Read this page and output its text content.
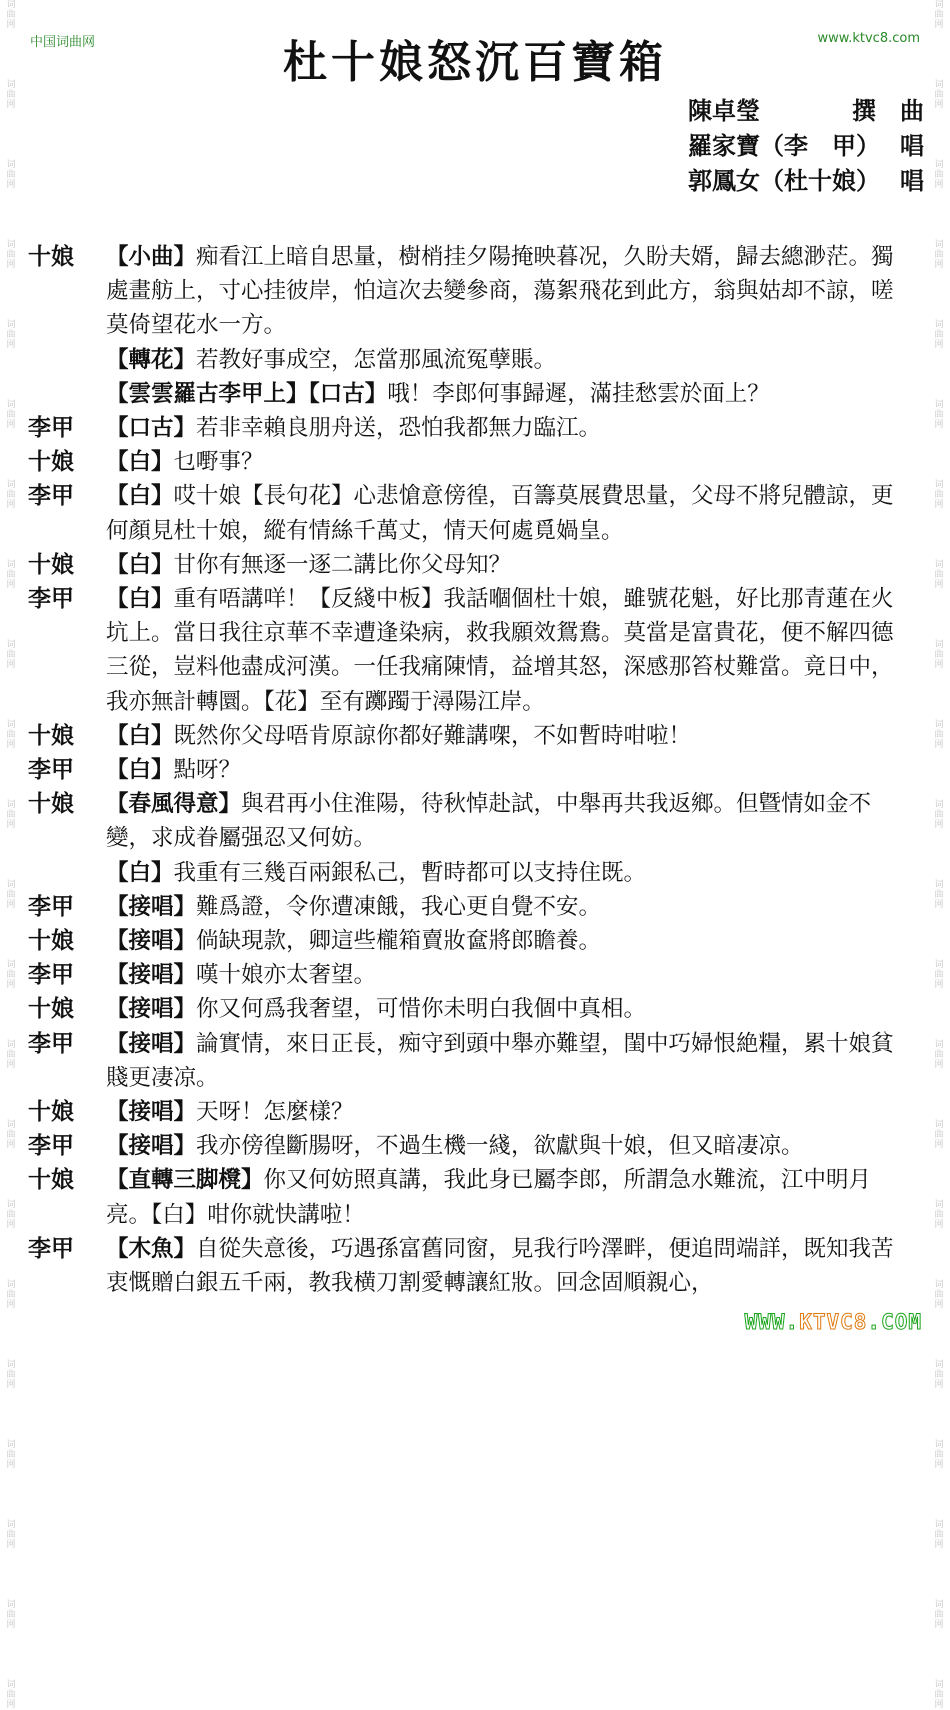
词
曲
网

词
曲
网

词
曲
网

词
曲
网

词
曲
网

词
曲
网

词
曲
网

词
曲
网

词
曲
网

词
曲
网

词
曲
网

词
曲
网

词
曲
网

词
曲
网

词
曲
网

词
曲
网

词
曲
网

词
曲
网

词
曲
网

词
曲
网

词
曲
网

词
曲
网
词
曲
网

词
曲
网

词
曲
网

词
曲
网

词
曲
网

词
曲
网

词
曲
网

词
曲
网

词
曲
网

词
曲
网

词
曲
网

词
曲
网

词
曲
网

词
曲
网

词
曲
网

词
曲
网

词
曲
网

词
曲
网

词
曲
网

词
曲
网

词
曲
网

词
曲
网
中国词曲网	www.ktvc8.com
杜十娘怒沉百寶箱
陳卓瑩	撰　曲
羅家寶（李　甲） 唱
郭鳳女（杜十娘） 唱
十娘	【小曲】痴看江上暗自思量，樹梢挂夕陽掩映暮况，久盼夫婿，歸去總渺茫。獨處畫舫上，寸心挂彼岸，怕這次去變參商，蕩絮飛花到此方，翁與姑却不諒，嗟莫倚望花水一方。
【轉花】若教好事成空，怎當那風流冤孽賬。
【雲雲羅古李甲上】【口古】哦！李郎何事歸遲，滿挂愁雲於面上？
李甲	【口古】若非幸賴良朋舟送，恐怕我都無力臨江。
十娘	【白】乜嘢事？
李甲	【白】哎十娘【長句花】心悲愴意傍徨，百籌莫展費思量，父母不將兒體諒，更何顏見杜十娘，縱有情絲千萬丈，情天何處覓媧皇。
十娘	【白】甘你有無逐一逐二講比你父母知？
李甲	【白】重有唔講咩！【反綫中板】我話嗰個杜十娘，雖號花魁，好比那青蓮在火坑上。當日我往京華不幸遭逢染病，救我願效鴛鴦。莫當是富貴花，便不解四德三從，豈料他盡成河漢。一任我痛陳情，益增其怒，深感那笞杖難當。竟日中，我亦無計轉圜。【花】至有躑躅于潯陽江岸。
十娘	【白】既然你父母唔肯原諒你都好難講㗎，不如暫時咁啦！
李甲	【白】點呀？
十娘	【春風得意】與君再小住淮陽，待秋悼赴試，中舉再共我返鄉。但曁情如金不變，求成眷屬强忍又何妨。
【白】我重有三幾百兩銀私己，暫時都可以支持住既。
李甲	【接唱】難爲證，令你遭凍餓，我心更自覺不安。
十娘	【接唱】倘缺現款，卿這些櫳箱賣妝奩將郎瞻養。
李甲	【接唱】嘆十娘亦太奢望。
十娘	【接唱】你又何爲我奢望，可惜你未明白我個中真相。
李甲	【接唱】論實情，來日正長，痴守到頭中舉亦難望，閨中巧婦恨絶糧，累十娘貧賤更凄凉。
十娘	【接唱】天呀！怎麼樣？
李甲	【接唱】我亦傍徨斷腸呀，不過生機一綫，欲獻與十娘，但又暗凄凉。
十娘	【直轉三脚櫈】你又何妨照真講，我此身已屬李郎，所謂急水難流，江中明月亮。【白】咁你就快講啦！
李甲	【木魚】自從失意後，巧遇孫富舊同窗，見我行吟澤畔，便追問端詳，既知我苦衷慨贈白銀五千兩，教我横刀割愛轉讓紅妝。回念固順親心，
WWW.KTVC8.COM
